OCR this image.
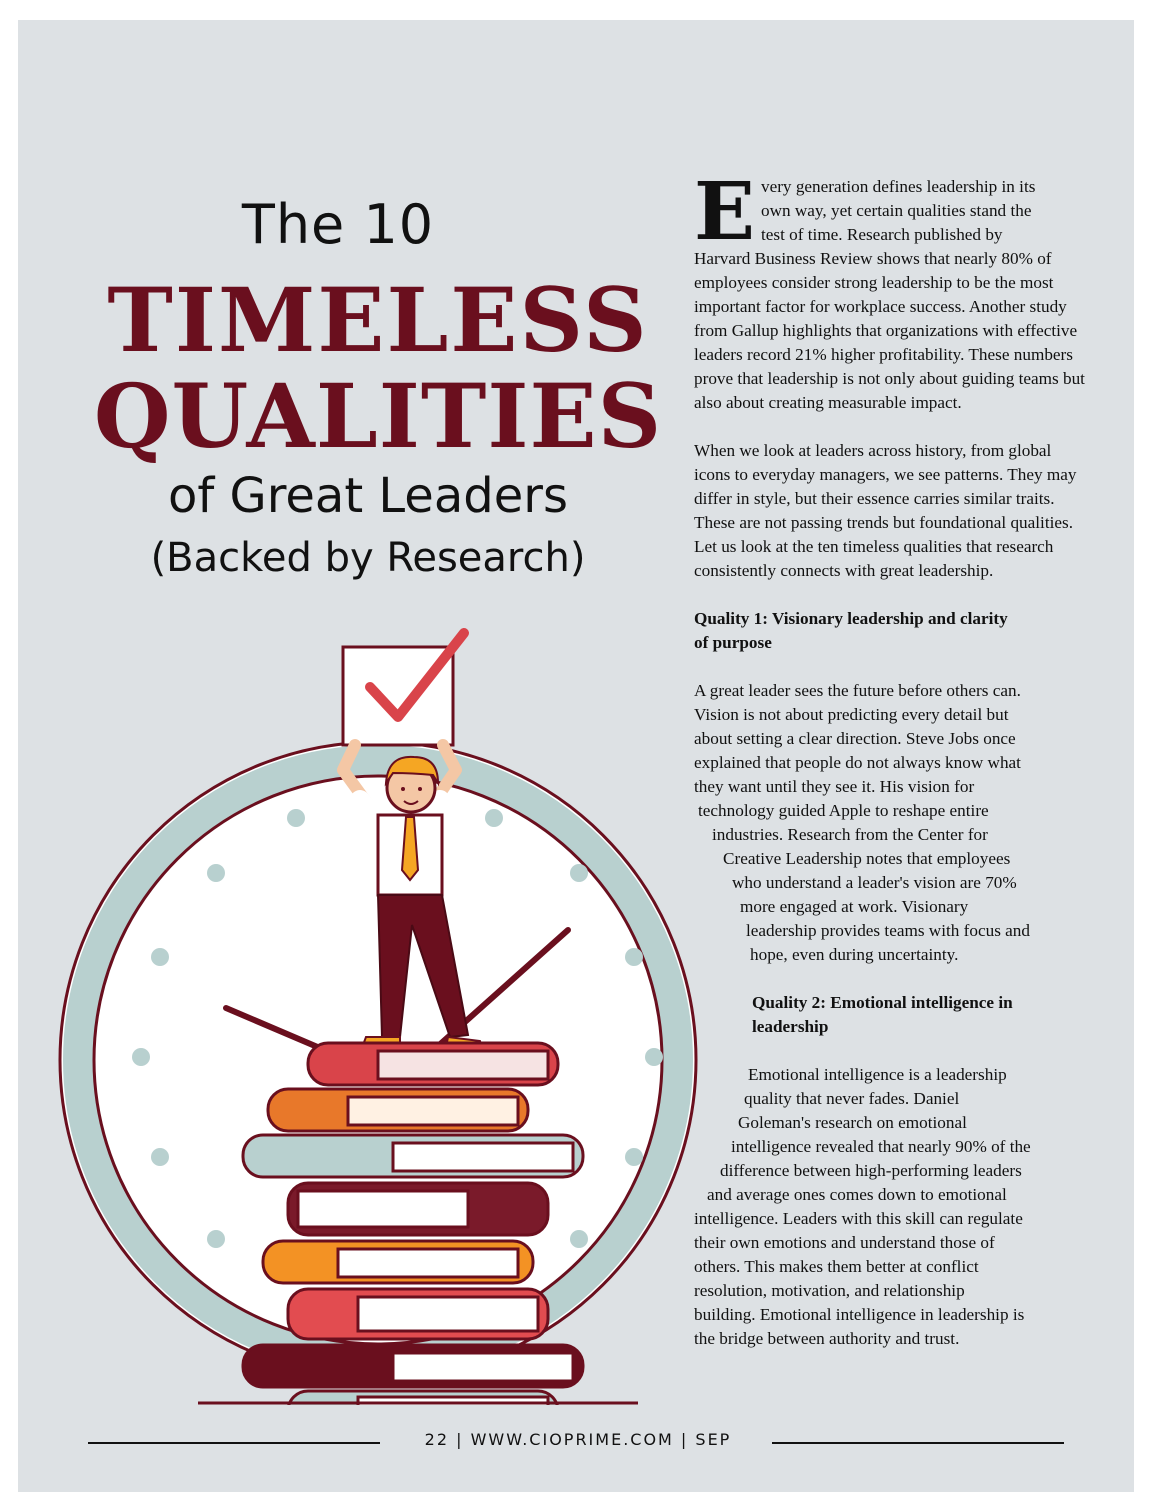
The 10
TIMELESS
QUALITIES
of Great Leaders
(Backed by Research)
E very generation defines leadership in its
own way, yet certain qualities stand the
test of time. Research published by
Harvard Business Review shows that nearly 80% of employees consider strong leadership to be the most important factor for workplace success. Another study from Gallup highlights that organizations with effective leaders record 21% higher profitability. These numbers prove that leadership is not only about guiding teams but also about creating measurable impact.

When we look at leaders across history, from global icons to everyday managers, we see patterns. They may differ in style, but their essence carries similar traits. These are not passing trends but foundational qualities. Let us look at the ten timeless qualities that research consistently connects with great leadership.

Quality 1: Visionary leadership and clarity
of purpose
A great leader sees the future before others can.
Vision is not about predicting every detail but
about setting a clear direction. Steve Jobs once
explained that people do not always know what
they want until they see it. His vision for
technology guided Apple to reshape entire
industries. Research from the Center for
Creative Leadership notes that employees
who understand a leader's vision are 70%
more engaged at work. Visionary
leadership provides teams with focus and
hope, even during uncertainty.
Quality 2: Emotional intelligence in
leadership
Emotional intelligence is a leadership
quality that never fades. Daniel
Goleman's research on emotional
intelligence revealed that nearly 90% of the
difference between high-performing leaders
and average ones comes down to emotional
intelligence. Leaders with this skill can regulate
their own emotions and understand those of
others. This makes them better at conflict
resolution, motivation, and relationship
building. Emotional intelligence in leadership is
the bridge between authority and trust.
22 | WWW.CIOPRIME.COM | SEP
